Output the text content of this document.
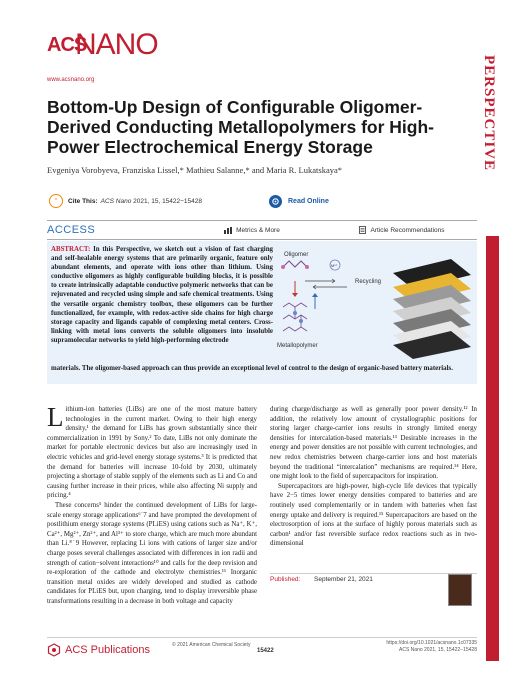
ACS
NANO
www.acsnano.org	PERSPECTIVE
Bottom-Up Design of Configurable Oligomer-Derived Conducting Metallopolymers for High-Power Electrochemical Energy Storage
Evgeniya Vorobyeva, Franziska Lissel,* Mathieu Salanne,* and Maria R. Lukatskaya*
“	Cite This: ACS Nano 2021, 15, 15422−15428	Read Online
ACCESS	Metrics & More	Article Recommendations
ABSTRACT: In this Perspective, we sketch out a vision of fast charging and self-healable energy systems that are primarily organic, feature only abundant elements, and operate with ions other than lithium. Using conductive oligomers as highly configurable building blocks, it is possible to create intrinsically adaptable conductive polymeric networks that can be rejuvenated and recycled using simple and safe chemical treatments. Using the versatile organic chemistry toolbox, these oligomers can be further functionalized, for example, with redox-active side chains for high charge storage capacity and ligands capable of complexing metal centers. Cross-linking with metal ions converts the soluble oligomers into insoluble supramolecular networks to yield high-performing electrode
Oligomer
Mⁿ⁺
Recycling
Metallopolymer
materials. The oligomer-based approach can thus provide an exceptional level of control to the design of organic-based battery materials.

Lithium-ion batteries (LiBs) are one of the most mature battery technologies in the current market. Owing to their high energy density,¹ the demand for LiBs has grown substantially since their commercialization in 1991 by Sony.² To date, LiBs not only dominate the market for portable electronic devices but also are increasingly used in electric vehicles and grid-level energy storage systems.³ It is predicted that the demand for batteries will increase 10-fold by 2030, ultimately projecting a shortage of stable supply of the elements such as Li and Co and causing further increase in their prices, while also affecting Ni supply and pricing.⁴

These concerns⁵ hinder the continued development of LiBs for large-scale energy storage applications⁶˙7 and have prompted the development of postlithium energy storage systems (PLiES) using cations such as Na⁺, K⁺, Ca²⁺, Mg²⁺, Zn²⁺, and Al³⁺ to store charge, which are much more abundant than Li.⁸˙9 However, replacing Li ions with cations of larger size and/or charge poses several challenges associated with differences in ion radii and strength of cation−solvent interactions¹⁰ and calls for the deep revision and re-exploration of the cathode and electrolyte chemistries.¹¹ Inorganic transition metal oxides are widely developed and studied as cathode candidates for PLiES but, upon charging, tend to display irreversible phase transformations resulting in a decrease in both voltage and capacity

during charge/discharge as well as generally poor power density.¹² In addition, the relatively low amount of crystallographic positions for storing larger charge-carrier ions results in strongly limited energy densities for intercalation-based materials.¹³ Desirable increases in the energy and power densities are not possible with current technologies, and new redox chemistries between charge-carrier ions and host materials beyond the traditional “intercalation” mechanisms are required.¹⁴ Here, one might look to the field of supercapacitors for inspiration.

Supercapacitors are high-power, high-cycle life devices that typically have 2−5 times lower energy densities compared to batteries and are routinely used complementarily or in tandem with batteries when fast energy uptake and delivery is required.¹⁵ Supercapacitors are based on the electrosorption of ions at the surface of highly porous materials such as carbon¹ and/or fast reversible surface redox reactions such as in two-dimensional

Published: September 21, 2021
ACS Publications	© 2021 American Chemical Society
15422
https://doi.org/10.1021/acsnano.1c07335
ACS Nano 2021, 15, 15422−15428
